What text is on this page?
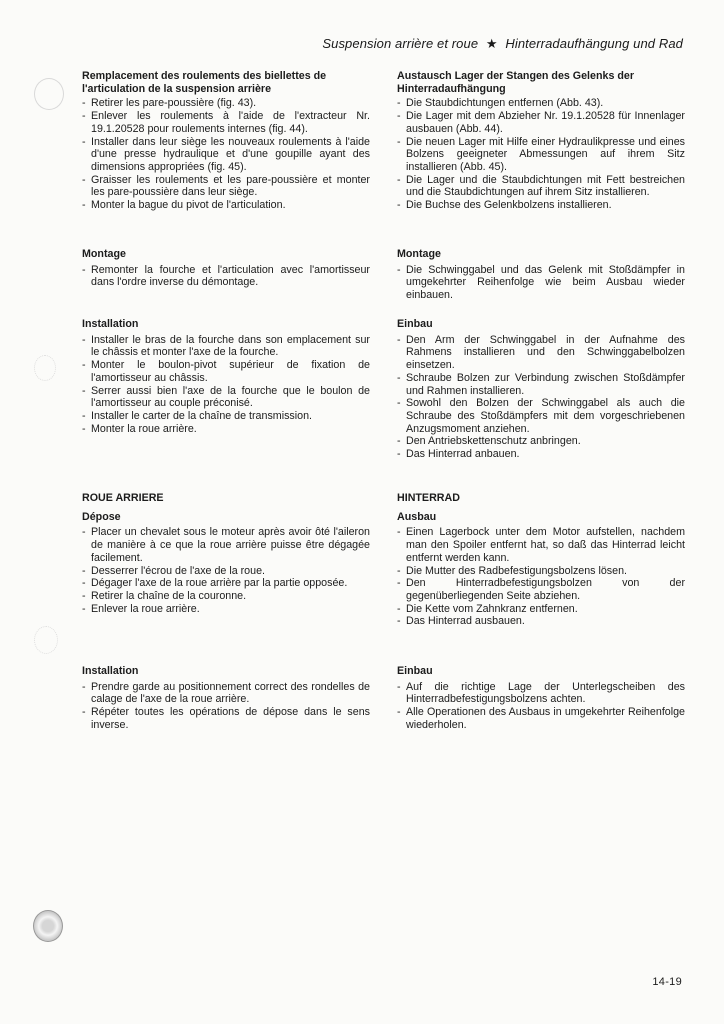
Suspension arrière et roue ★ Hinterradaufhängung und Rad
Remplacement des roulements des biellettes de l'articulation de la suspension arrière
- Retirer les pare-poussière (fig. 43).
- Enlever les roulements à l'aide de l'extracteur Nr. 19.1.20528 pour roulements internes (fig. 44).
- Installer dans leur siège les nouveaux roulements à l'aide d'une presse hydraulique et d'une goupille ayant des dimensions appropriées (fig. 45).
- Graisser les roulements et les pare-poussière et monter les pare-poussière dans leur siège.
- Monter la bague du pivot de l'articulation.
Montage
- Remonter la fourche et l'articulation avec l'amortisseur dans l'ordre inverse du démontage.
Installation
- Installer le bras de la fourche dans son emplacement sur le châssis et monter l'axe de la fourche.
- Monter le boulon-pivot supérieur de fixation de l'amortisseur au châssis.
- Serrer aussi bien l'axe de la fourche que le boulon de l'amortisseur au couple préconisé.
- Installer le carter de la chaîne de transmission.
- Monter la roue arrière.
ROUE ARRIERE
Dépose
- Placer un chevalet sous le moteur après avoir ôté l'aileron de manière à ce que la roue arrière puisse être dégagée facilement.
- Desserrer l'écrou de l'axe de la roue.
- Dégager l'axe de la roue arrière par la partie opposée.
- Retirer la chaîne de la couronne.
- Enlever la roue arrière.
Installation
- Prendre garde au positionnement correct des rondelles de calage de l'axe de la roue arrière.
- Répéter toutes les opérations de dépose dans le sens inverse.
Austausch Lager der Stangen des Gelenks der Hinterradaufhängung
- Die Staubdichtungen entfernen (Abb. 43).
- Die Lager mit dem Abzieher Nr. 19.1.20528 für Innenlager ausbauen (Abb. 44).
- Die neuen Lager mit Hilfe einer Hydraulikpresse und eines Bolzens geeigneter Abmessungen auf ihrem Sitz installieren (Abb. 45).
- Die Lager und die Staubdichtungen mit Fett bestreichen und die Staubdichtungen auf ihrem Sitz installieren.
- Die Buchse des Gelenkbolzens installieren.
Montage
- Die Schwinggabel und das Gelenk mit Stoßdämpfer in umgekehrter Reihenfolge wie beim Ausbau wieder einbauen.
Einbau
- Den Arm der Schwinggabel in der Aufnahme des Rahmens installieren und den Schwinggabelbolzen einsetzen.
- Schraube Bolzen zur Verbindung zwischen Stoßdämpfer und Rahmen installieren.
- Sowohl den Bolzen der Schwinggabel als auch die Schraube des Stoßdämpfers mit dem vorgeschriebenen Anzugsmoment anziehen.
- Den Antriebskettenschutz anbringen.
- Das Hinterrad anbauen.
HINTERRAD
Ausbau
- Einen Lagerbock unter dem Motor aufstellen, nachdem man den Spoiler entfernt hat, so daß das Hinterrad leicht entfernt werden kann.
- Die Mutter des Radbefestigungsbolzens lösen.
- Den Hinterradbefestigungsbolzen von der gegenüberliegenden Seite abziehen.
- Die Kette vom Zahnkranz entfernen.
- Das Hinterrad ausbauen.
Einbau
- Auf die richtige Lage der Unterlegscheiben des Hinterradbefestigungsbolzens achten.
- Alle Operationen des Ausbaus in umgekehrter Reihenfolge wiederholen.
14-19
